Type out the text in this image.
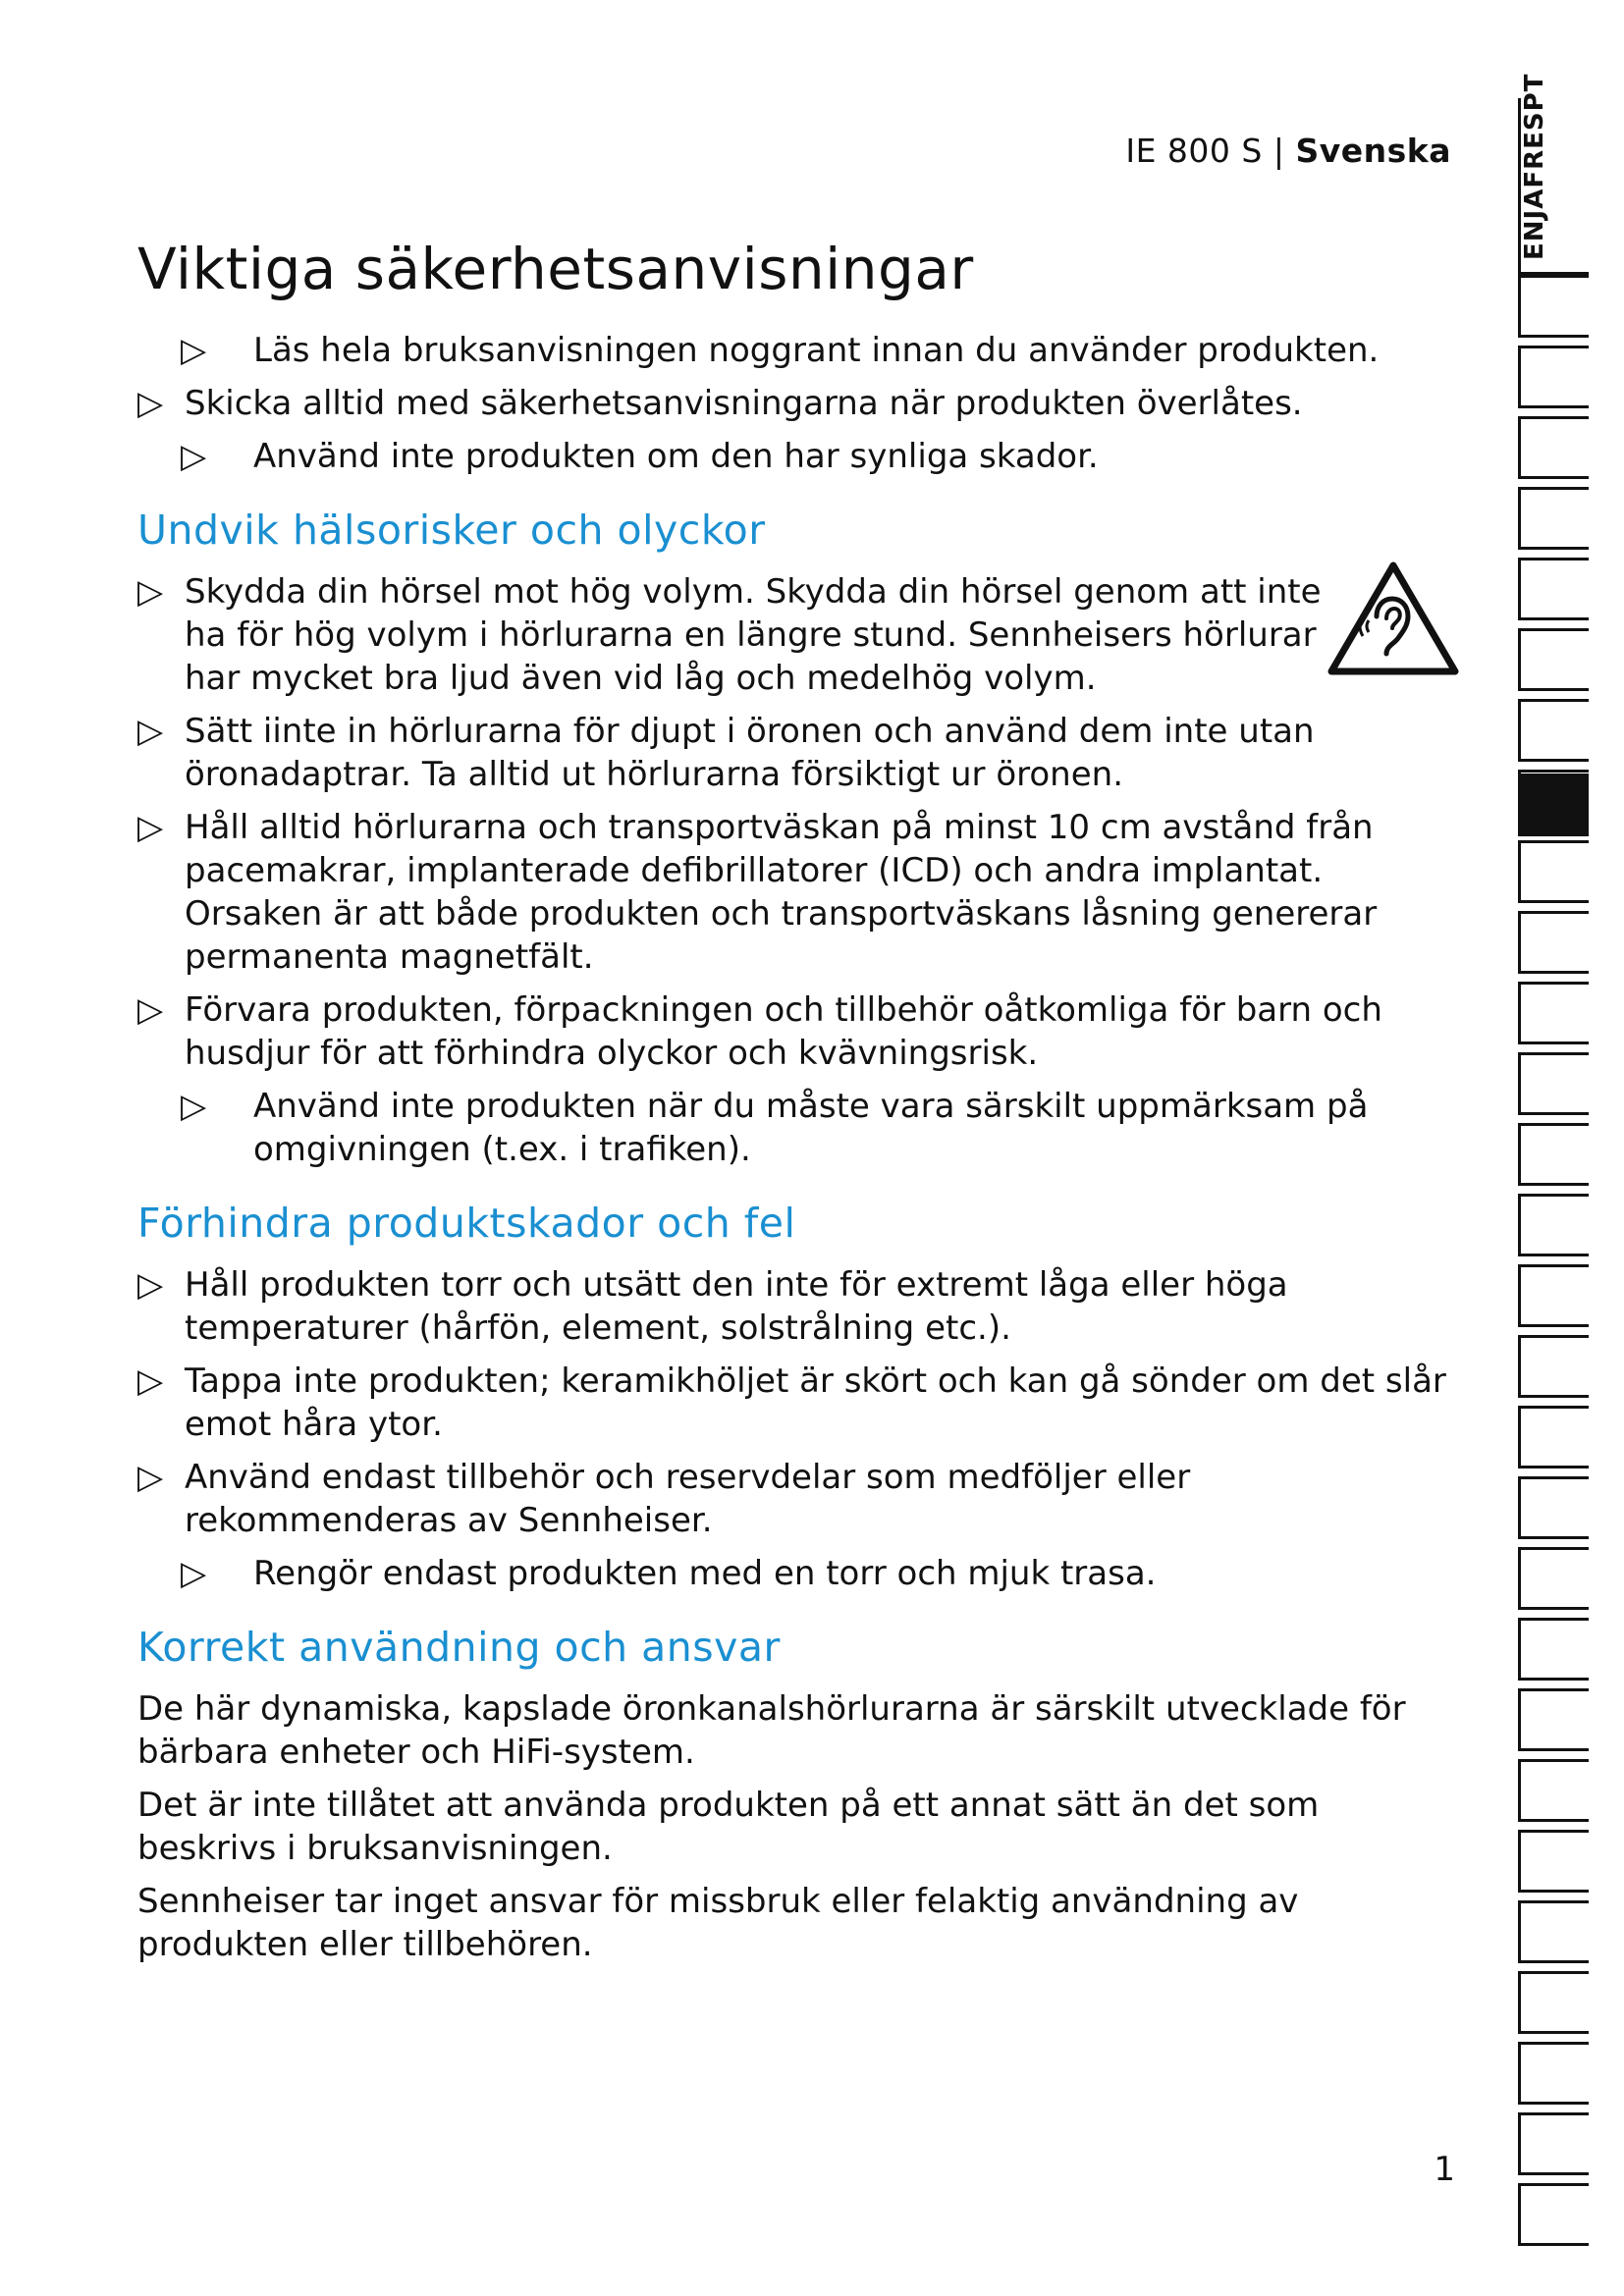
IE 800 S | Svenska
Viktiga säkerhetsanvisningar
▷	Läs hela bruksanvisningen noggrant innan du använder produkten.
▷ Skicka alltid med säkerhetsanvisningarna när produkten överlåtes.
▷	Använd inte produkten om den har synliga skador.
Undvik hälsorisker och olyckor
▷ Skydda din hörsel mot hög volym. Skydda din hörsel genom att inte ha för hög volym i hörlurarna en längre stund. Sennheisers hörlurar har mycket bra ljud även vid låg och medelhög volym.
▷ Sätt iinte in hörlurarna för djupt i öronen och använd dem inte utan öronadaptrar. Ta alltid ut hörlurarna försiktigt ur öronen.
▷ Håll alltid hörlurarna och transportväskan på minst 10 cm avstånd från pacemakrar, implanterade defibrillatorer (ICD) och andra implantat. Orsaken är att både produkten och transportväskans låsning genererar permanenta magnetfält.
▷ Förvara produkten, förpackningen och tillbehör oåtkomliga för barn och husdjur för att förhindra olyckor och kvävningsrisk.
▷	Använd inte produkten när du måste vara särskilt uppmärksam på omgivningen (t.ex. i trafiken).
Förhindra produktskador och fel
▷ Håll produkten torr och utsätt den inte för extremt låga eller höga temperaturer (hårfön, element, solstrålning etc.).
▷ Tappa inte produkten; keramikhöljet är skört och kan gå sönder om det slår emot håra ytor.
▷ Använd endast tillbehör och reservdelar som medföljer eller rekommenderas av Sennheiser.
▷	Rengör endast produkten med en torr och mjuk trasa.
Korrekt användning och ansvar

De här dynamiska, kapslade öronkanalshörlurarna är särskilt utvecklade för bärbara enheter och HiFi-system.

Det är inte tillåtet att använda produkten på ett annat sätt än det som beskrivs i bruksanvisningen.

Sennheiser tar inget ansvar för missbruk eller felaktig användning av produkten eller tillbehören.

ENJAFRESPT
1
